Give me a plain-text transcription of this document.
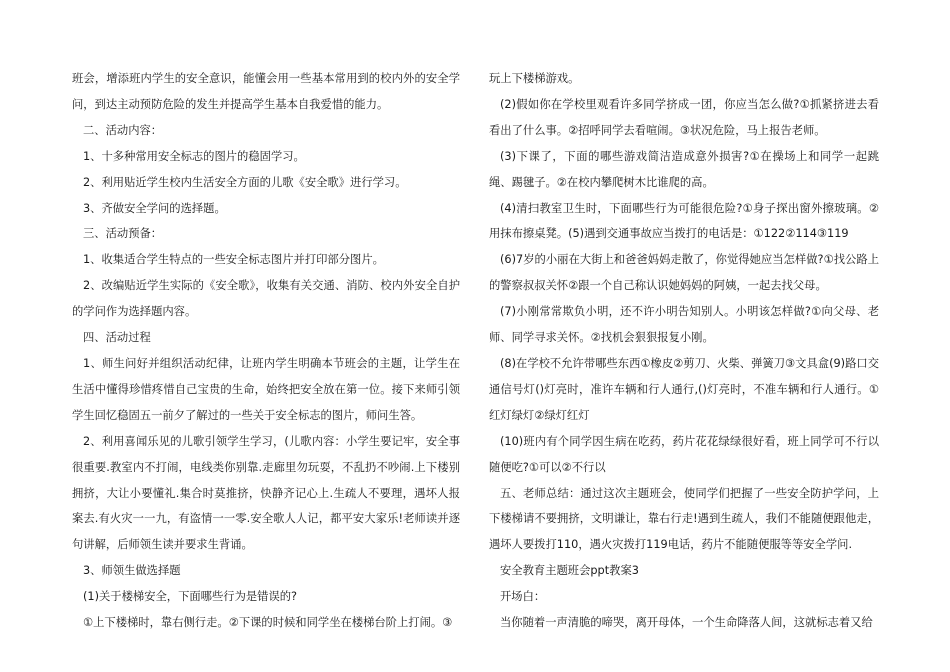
班会，增添班内学生的安全意识，能懂会用一些基本常用到的校内外的安全学问，到达主动预防危险的发生并提高学生基本自我爱惜的能力。

二、活动内容：

1、十多种常用安全标志的图片的稳固学习。

2、利用贴近学生校内生活安全方面的儿歌《安全歌》进行学习。

3、齐做安全学问的选择题。

三、活动预备：

1、收集适合学生特点的一些安全标志图片并打印部分图片。

2、改编贴近学生实际的《安全歌》，收集有关交通、消防、校内外安全自护的学问作为选择题内容。

四、活动过程

1、师生问好并组织活动纪律，让班内学生明确本节班会的主题，让学生在生活中懂得珍惜疼惜自己宝贵的生命，始终把安全放在第一位。接下来师引领学生回忆稳固五一前夕了解过的一些关于安全标志的图片，师问生答。

2、利用喜闻乐见的儿歌引领学生学习，(儿歌内容：小学生要记牢，安全事很重要.教室内不打闹，电线类你别靠.走廊里勿玩耍，不乱扔不吵闹.上下楼别拥挤，大让小要懂礼.集合时莫推挤，快静齐记心上.生疏人不要理，遇坏人报案去.有火灾一一九，有盗情一一零.安全歌人人记，都平安大家乐!老师读并逐句讲解，后师领生读并要求生背诵。

3、师领生做选择题

(1)关于楼梯安全，下面哪些行为是错误的?

①上下楼梯时，靠右侧行走。②下课的时候和同学坐在楼梯台阶上打闹。③

玩上下楼梯游戏。

(2)假如你在学校里观看许多同学挤成一团，你应当怎么做?①抓紧挤进去看看出了什么事。②招呼同学去看喧闹。③状况危险，马上报告老师。

(3)下课了，下面的哪些游戏简洁造成意外损害?①在操场上和同学一起跳绳、踢毽子。②在校内攀爬树木比谁爬的高。

(4)清扫教室卫生时，下面哪些行为可能很危险?①身子探出窗外擦玻璃。②用抹布擦桌凳。(5)遇到交通事故应当拨打的电话是：①122②114③119

(6)7岁的小丽在大街上和爸爸妈妈走散了，你觉得她应当怎样做?①找公路上的警察叔叔关怀②跟一个自己称认识她妈妈的阿姨，一起去找父母。

(7)小刚常常欺负小明，还不许小明告知别人。小明该怎样做?①向父母、老师、同学寻求关怀。②找机会狠狠报复小刚。

(8)在学校不允许带哪些东西①橡皮②剪刀、火柴、弹簧刀③文具盒(9)路口交通信号灯()灯亮时，准许车辆和行人通行,()灯亮时，不准车辆和行人通行。①红灯绿灯②绿灯红灯

(10)班内有个同学因生病在吃药，药片花花绿绿很好看，班上同学可不行以随便吃?①可以②不行以

五、老师总结：通过这次主题班会，使同学们把握了一些安全防护学问，上下楼梯请不要拥挤，文明谦让，靠右行走!遇到生疏人，我们不能随便跟他走，遇坏人要拨打110，遇火灾拨打119电话，药片不能随便服等等安全学问.

安全教育主题班会ppt教案3

开场白：

当你随着一声清脆的啼哭，离开母体，一个生命降落人间，这就标志着又给
